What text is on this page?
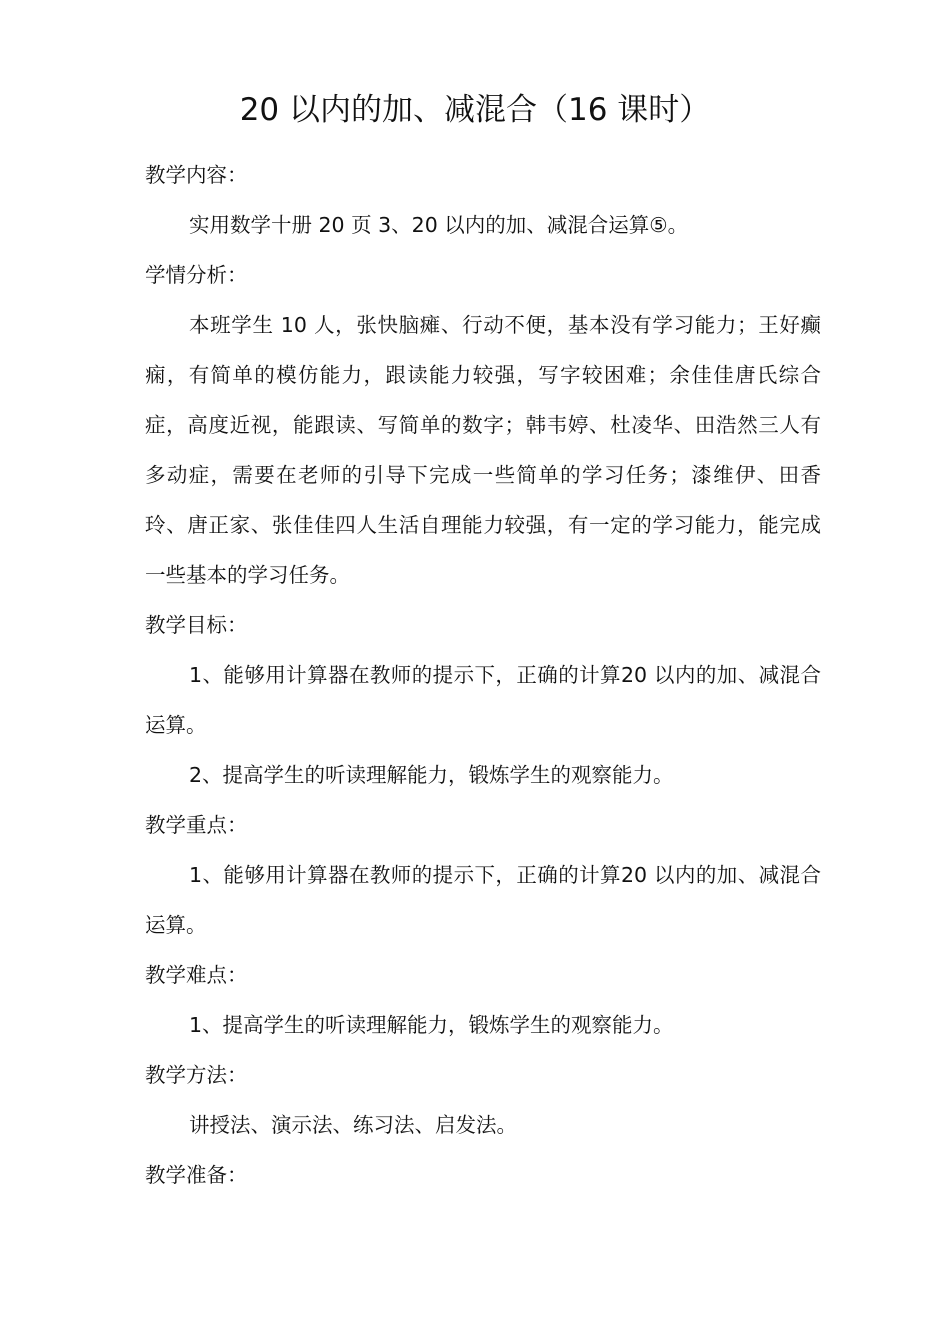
20 以内的加、减混合（16 课时）
教学内容：
实用数学十册 20 页 3、20 以内的加、减混合运算⑤。
学情分析：

本班学生 10 人，张快脑瘫、行动不便，基本没有学习能力；王好癫痫，有简单的模仿能力，跟读能力较强，写字较困难；余佳佳唐氏综合症，高度近视，能跟读、写简单的数字；韩韦婷、杜凌华、田浩然三人有多动症，需要在老师的引导下完成一些简单的学习任务；漆维伊、田香玲、唐正家、张佳佳四人生活自理能力较强，有一定的学习能力，能完成一些基本的学习任务。

教学目标：

1、能够用计算器在教师的提示下，正确的计算20 以内的加、减混合运算。

2、提高学生的听读理解能力，锻炼学生的观察能力。
教学重点：

1、能够用计算器在教师的提示下，正确的计算20 以内的加、减混合运算。

教学难点：
1、提高学生的听读理解能力，锻炼学生的观察能力。
教学方法：
讲授法、演示法、练习法、启发法。
教学准备：
